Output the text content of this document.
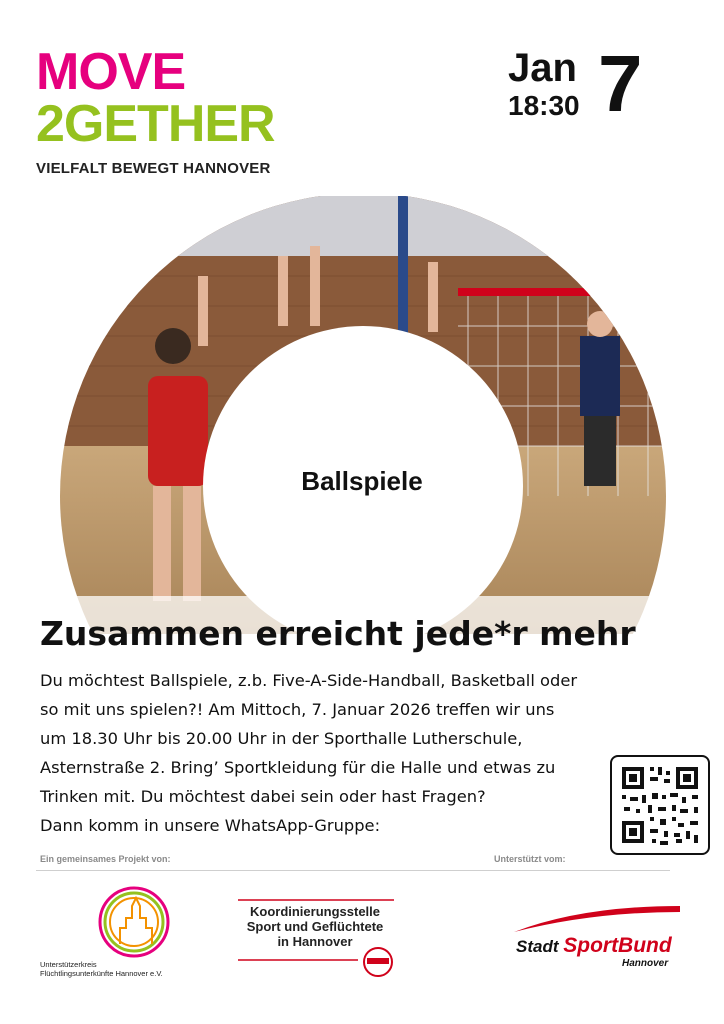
MOVE
2GETHER
VIELFALT BEWEGT HANNOVER
Jan
18:30 7
Ballspiele
Zusammen erreicht jede*r mehr
Du möchtest Ballspiele, z.b. Five-A-Side-Handball, Basketball oder
so mit uns spielen?! Am Mittoch, 7. Januar 2026 treffen wir uns
um 18.30 Uhr bis 20.00 Uhr in der Sporthalle Lutherschule,
Asternstraße 2. Bring’ Sportkleidung für die Halle und etwas zu
Trinken mit. Du möchtest dabei sein oder hast Fragen?
Dann komm in unsere WhatsApp-Gruppe:
Ein gemeinsames Projekt von:	Unterstützt vom:
Unterstützerkreis
Flüchtlingsunterkünfte Hannover e.V.
Koordinierungsstelle
Sport und Geflüchtete
in Hannover	Stadt SportBund
Hannover
